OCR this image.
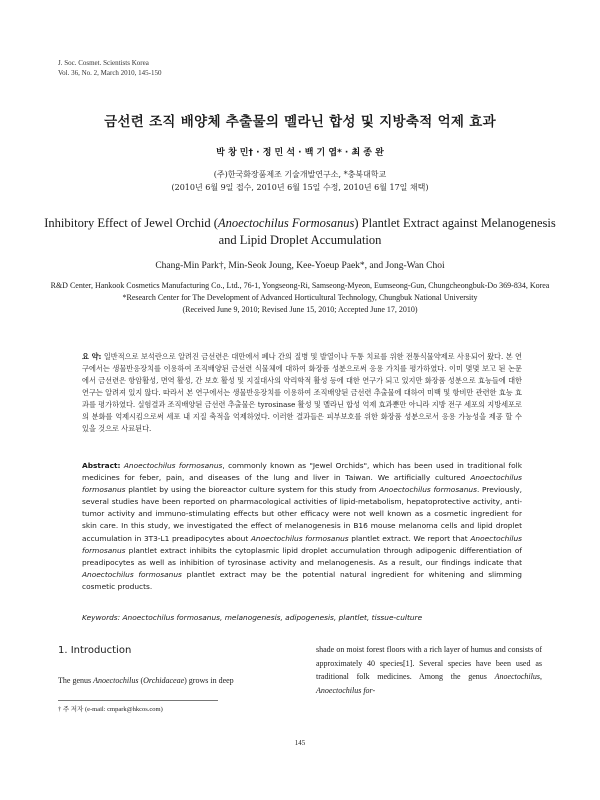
J. Soc. Cosmet. Scientists Korea
Vol. 36, No. 2, March 2010, 145-150
금선련 조직 배양체 추출물의 멜라닌 합성 및 지방축적 억제 효과
박 창 민† · 정 민 석 · 백 기 엽* · 최 종 완
(주)한국화장품제조 기술개발연구소, *충북대학교
(2010년 6월 9일 접수, 2010년 6월 15일 수정, 2010년 6월 17일 채택)
Inhibitory Effect of Jewel Orchid (Anoectochilus Formosanus) Plantlet Extract against Melanogenesis and Lipid Droplet Accumulation
Chang-Min Park†, Min-Seok Joung, Kee-Yoeup Paek*, and Jong-Wan Choi
R&D Center, Hankook Cosmetics Manufacturing Co., Ltd., 76-1, Yongseong-Ri, Samseong-Myeon, Eumseong-Gun, Chungcheongbuk-Do 369-834, Korea
*Research Center for The Development of Advanced Horticultural Technology, Chungbuk National University
(Received June 9, 2010; Revised June 15, 2010; Accepted June 17, 2010)
요 약: 일반적으로 보석란으로 알려진 금선련은 대만에서 폐나 간의 질병 및 발열이나 두통 치료를 위한 전통식물약제로 사용되어 왔다. 본 연구에서는 생물반응장치를 이용하여 조직배양된 금선련 식물체에 대하여 화장품 성분으로써 응용 가치를 평가하였다. 이미 몇몇 보고 된 논문에서 금선련은 항암활성, 면역 활성, 간 보호 활성 및 지질대사의 약리학적 활성 등에 대한 연구가 되고 있지만 화장품 성분으로 효능들에 대한 연구는 알려져 있지 않다. 따라서 본 연구에서는 생물반응장치를 이용하여 조직배양된 금선련 추출물에 대하여 미백 및 항비만 관련한 효능 효과를 평가하였다. 실험결과 조직배양된 금선련 추출물은 tyrosinase 활성 및 멜라닌 합성 억제 효과뿐만 아니라 지방 전구 세포의 지방세포로의 분화를 억제시킴으로써 세포 내 지질 축적을 억제하였다. 이러한 결과들은 피부보호를 위한 화장품 성분으로서 응용 가능성을 제공 할 수 있을 것으로 사료된다.
Abstract: Anoectochilus formosanus, commonly known as "Jewel Orchids", which has been used in traditional folk medicines for feber, pain, and diseases of the lung and liver in Taiwan. We artificially cultured Anoectochilus formosanus plantlet by using the bioreactor culture system for this study from Anoectochilus formosanus. Previously, several studies have been reported on pharmacological activities of lipid-metabolism, hepatoprotective activity, anti-tumor activity and immuno-stimulating effects but other efficacy were not well known as a cosmetic ingredient for skin care. In this study, we investigated the effect of melanogenesis in B16 mouse melanoma cells and lipid droplet accumulation in 3T3-L1 preadipocytes about Anoectochilus formosanus plantlet extract. We report that Anoectochilus formosanus plantlet extract inhibits the cytoplasmic lipid droplet accumulation through adipogenic differentiation of preadipocytes as well as inhibition of tyrosinase activity and melanogenesis. As a result, our findings indicate that Anoectochilus formosanus plantlet extract may be the potential natural ingredient for whitening and slimming cosmetic products.
Keywords: Anoectochilus formosanus, melanogenesis, adipogenesis, plantlet, tissue-culture
1. Introduction
The genus Anoectochilus (Orchidaceae) grows in deep
shade on moist forest floors with a rich layer of humus and consists of approximately 40 species[1]. Several species have been used as traditional folk medicines. Among the genus Anoectochilus, Anoectochilus for-
† 주 저자 (e-mail: cmpark@hkcos.com)
145
